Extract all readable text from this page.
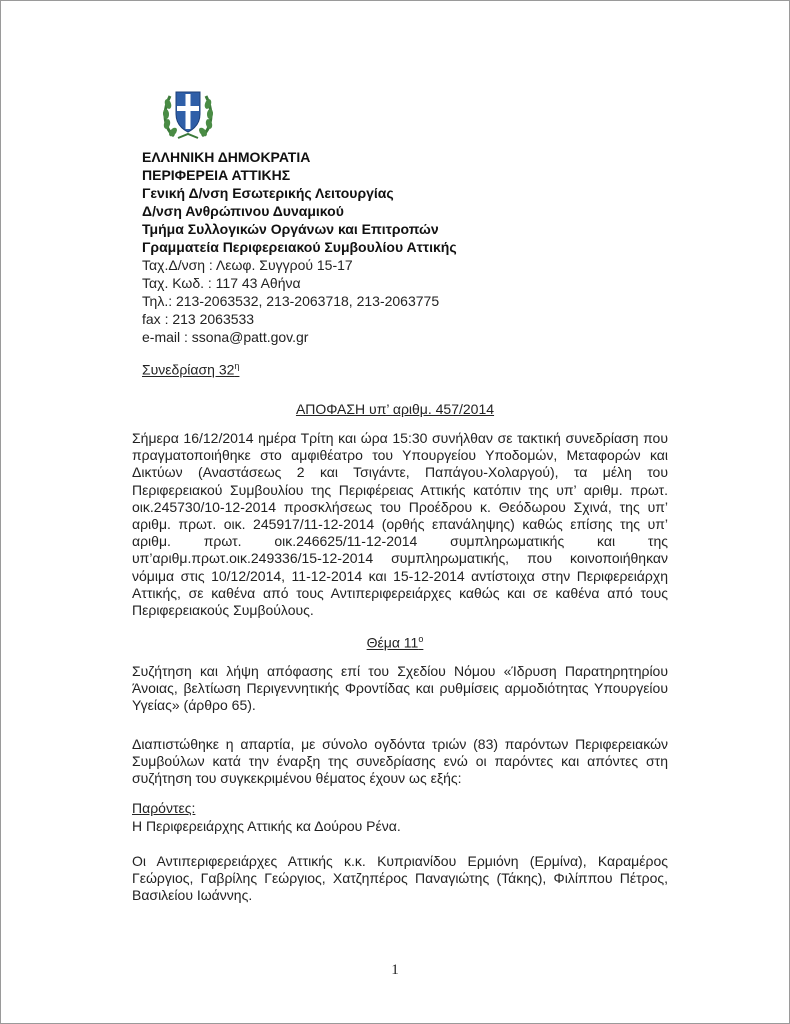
ΕΛΛΗΝΙΚΗ ΔΗΜΟΚΡΑΤΙΑ
ΠΕΡΙΦΕΡΕΙΑ ΑΤΤΙΚΗΣ
Γενική Δ/νση Εσωτερικής Λειτουργίας
Δ/νση Ανθρώπινου Δυναμικού
Τμήμα Συλλογικών Οργάνων και Επιτροπών
Γραμματεία Περιφερειακού Συμβουλίου Αττικής
Ταχ.Δ/νση : Λεωφ. Συγγρού 15-17
Ταχ. Κωδ. : 117 43 Αθήνα
Τηλ.: 213-2063532, 213-2063718, 213-2063775
fax : 213 2063533
e-mail : ssona@patt.gov.gr
Συνεδρίαση $32^\eta$
ΑΠΟΦΑΣΗ υπ’ αριθμ. 457/2014
Σήμερα 16/12/2014 ημέρα Τρίτη και ώρα 15:30 συνήλθαν σε τακτική συνεδρίαση που πραγματοποιήθηκε στο αμφιθέατρο του Υπουργείου Υποδομών, Μεταφορών και Δικτύων (Αναστάσεως 2 και Τσιγάντε, Παπάγου-Χολαργού), τα μέλη του Περιφερειακού Συμβουλίου της Περιφέρειας Αττικής κατόπιν της υπ’ αριθμ. πρωτ. οικ.245730/10-12-2014 προσκλήσεως του Προέδρου κ. Θεόδωρου Σχινά, της υπ’ αριθμ. πρωτ. οικ. 245917/11-12-2014 (ορθής επανάληψης) καθώς επίσης της υπ’ αριθμ. πρωτ. οικ.246625/11-12-2014 συμπληρωματικής και της υπ’αριθμ.πρωτ.οικ.249336/15-12-2014 συμπληρωματικής, που κοινοποιήθηκαν νόμιμα στις 10/12/2014, 11-12-2014 και 15-12-2014 αντίστοιχα στην Περιφερειάρχη Αττικής, σε καθένα από τους Αντιπεριφερειάρχες καθώς και σε καθένα από τους Περιφερειακούς Συμβούλους.
Θέμα $11^o$
Συζήτηση και λήψη απόφασης επί του Σχεδίου Νόμου «Ίδρυση Παρατηρητηρίου Άνοιας, βελτίωση Περιγεννητικής Φροντίδας και ρυθμίσεις αρμοδιότητας Υπουργείου Υγείας» (άρθρο 65).
Διαπιστώθηκε η απαρτία, με σύνολο ογδόντα τριών (83) παρόντων Περιφερειακών Συμβούλων κατά την έναρξη της συνεδρίασης ενώ οι παρόντες και απόντες στη συζήτηση του συγκεκριμένου θέματος έχουν ως εξής:
Παρόντες:
Η Περιφερειάρχης Αττικής κα Δούρου Ρένα.
Οι Αντιπεριφερειάρχες Αττικής κ.κ. Κυπριανίδου Ερμιόνη (Ερμίνα), Καραμέρος Γεώργιος, Γαβρίλης Γεώργιος, Χατζηπέρος Παναγιώτης (Τάκης), Φιλίππου Πέτρος, Βασιλείου Ιωάννης.
1
